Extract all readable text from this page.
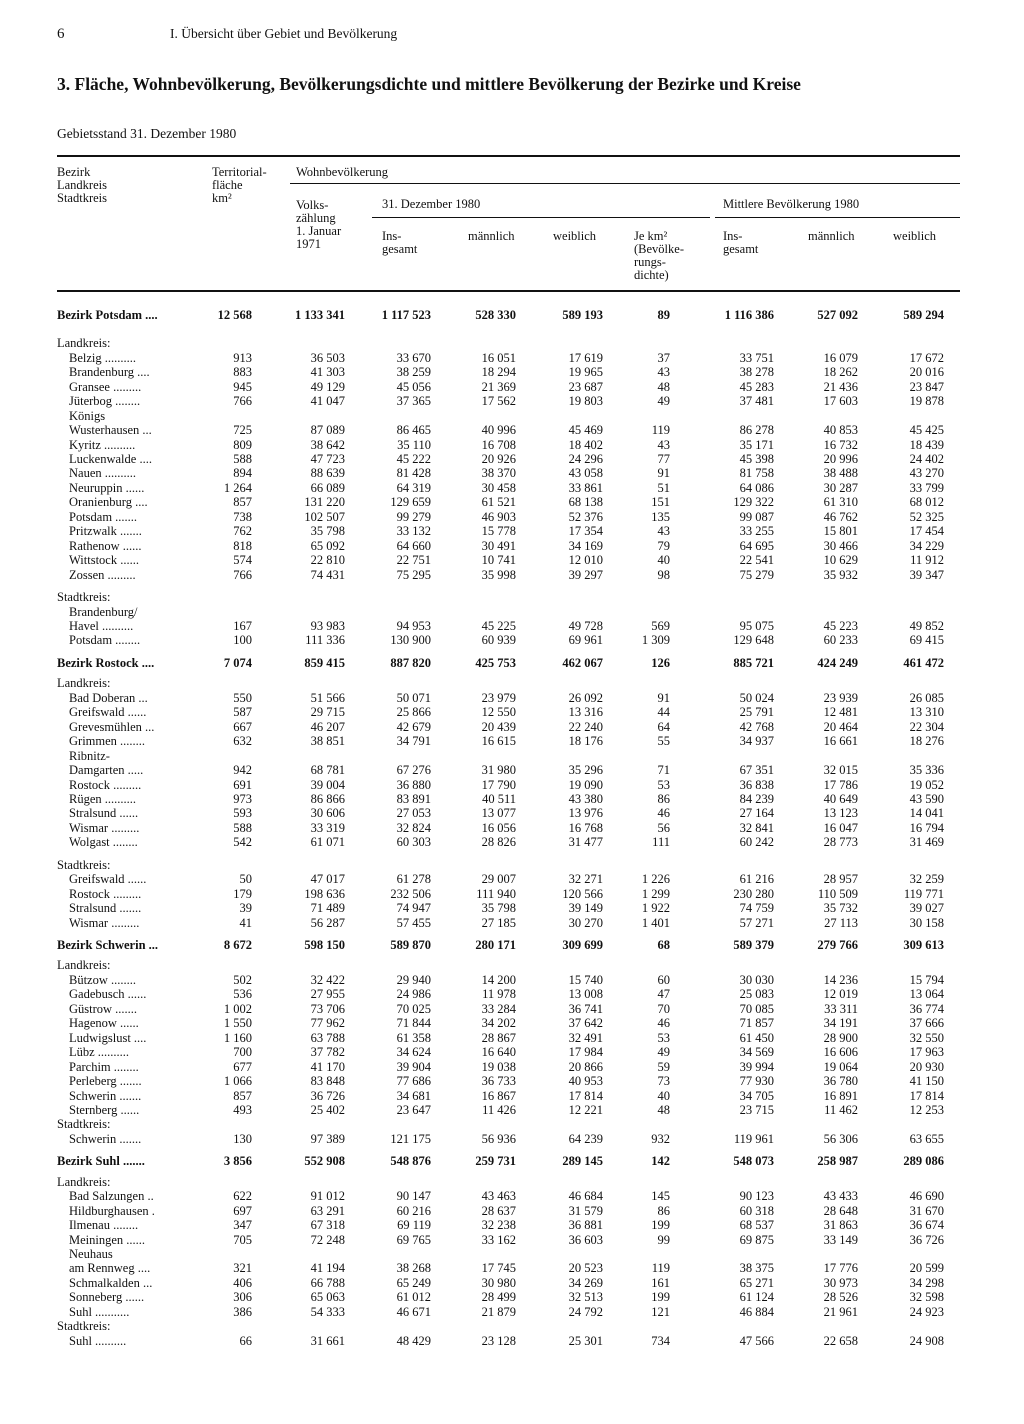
6	I. Übersicht über Gebiet und Bevölkerung
3. Fläche, Wohnbevölkerung, Bevölkerungsdichte und mittlere Bevölkerung der Bezirke und Kreise
Gebietsstand 31. Dezember 1980
Bezirk
Landkreis
Stadtkreis
Territorial-
fläche
km²
Wohnbevölkerung
Volks-
zählung
1. Januar
1971
31. Dezember 1980
Ins-
gesamt
männlich	weiblich	Je km²
(Bevölke-
rungs-
dichte)
Mittlere Bevölkerung 1980
Ins-
gesamt
männlich	weiblich
Bezirk Potsdam ....	12 568	1 133 341	1 117 523	528 330	589 193	89	1 116 386	527 092	589 294
Landkreis:
Belzig ..........	913	36 503	33 670	16 051	17 619	37	33 751	16 079	17 672
Brandenburg ....	883	41 303	38 259	18 294	19 965	43	38 278	18 262	20 016
Gransee .........	945	49 129	45 056	21 369	23 687	48	45 283	21 436	23 847
Jüterbog ........	766	41 047	37 365	17 562	19 803	49	37 481	17 603	19 878
Königs
Wusterhausen ...	725	87 089	86 465	40 996	45 469	119	86 278	40 853	45 425
Kyritz ..........	809	38 642	35 110	16 708	18 402	43	35 171	16 732	18 439
Luckenwalde ....	588	47 723	45 222	20 926	24 296	77	45 398	20 996	24 402
Nauen ..........	894	88 639	81 428	38 370	43 058	91	81 758	38 488	43 270
Neuruppin ......	1 264	66 089	64 319	30 458	33 861	51	64 086	30 287	33 799
Oranienburg ....	857	131 220	129 659	61 521	68 138	151	129 322	61 310	68 012
Potsdam .......	738	102 507	99 279	46 903	52 376	135	99 087	46 762	52 325
Pritzwalk .......	762	35 798	33 132	15 778	17 354	43	33 255	15 801	17 454
Rathenow ......	818	65 092	64 660	30 491	34 169	79	64 695	30 466	34 229
Wittstock ......	574	22 810	22 751	10 741	12 010	40	22 541	10 629	11 912
Zossen .........	766	74 431	75 295	35 998	39 297	98	75 279	35 932	39 347
Stadtkreis:
Brandenburg/
Havel ..........	167	93 983	94 953	45 225	49 728	569	95 075	45 223	49 852
Potsdam ........	100	111 336	130 900	60 939	69 961	1 309	129 648	60 233	69 415
Bezirk Rostock ....	7 074	859 415	887 820	425 753	462 067	126	885 721	424 249	461 472
Landkreis:
Bad Doberan ...	550	51 566	50 071	23 979	26 092	91	50 024	23 939	26 085
Greifswald ......	587	29 715	25 866	12 550	13 316	44	25 791	12 481	13 310
Grevesmühlen ...	667	46 207	42 679	20 439	22 240	64	42 768	20 464	22 304
Grimmen ........	632	38 851	34 791	16 615	18 176	55	34 937	16 661	18 276
Ribnitz-
Damgarten .....	942	68 781	67 276	31 980	35 296	71	67 351	32 015	35 336
Rostock .........	691	39 004	36 880	17 790	19 090	53	36 838	17 786	19 052
Rügen ..........	973	86 866	83 891	40 511	43 380	86	84 239	40 649	43 590
Stralsund ......	593	30 606	27 053	13 077	13 976	46	27 164	13 123	14 041
Wismar .........	588	33 319	32 824	16 056	16 768	56	32 841	16 047	16 794
Wolgast ........	542	61 071	60 303	28 826	31 477	111	60 242	28 773	31 469
Stadtkreis:
Greifswald ......	50	47 017	61 278	29 007	32 271	1 226	61 216	28 957	32 259
Rostock .........	179	198 636	232 506	111 940	120 566	1 299	230 280	110 509	119 771
Stralsund .......	39	71 489	74 947	35 798	39 149	1 922	74 759	35 732	39 027
Wismar .........	41	56 287	57 455	27 185	30 270	1 401	57 271	27 113	30 158
Bezirk Schwerin ...	8 672	598 150	589 870	280 171	309 699	68	589 379	279 766	309 613
Landkreis:
Bützow ........	502	32 422	29 940	14 200	15 740	60	30 030	14 236	15 794
Gadebusch ......	536	27 955	24 986	11 978	13 008	47	25 083	12 019	13 064
Güstrow .......	1 002	73 706	70 025	33 284	36 741	70	70 085	33 311	36 774
Hagenow ......	1 550	77 962	71 844	34 202	37 642	46	71 857	34 191	37 666
Ludwigslust ....	1 160	63 788	61 358	28 867	32 491	53	61 450	28 900	32 550
Lübz ..........	700	37 782	34 624	16 640	17 984	49	34 569	16 606	17 963
Parchim ........	677	41 170	39 904	19 038	20 866	59	39 994	19 064	20 930
Perleberg .......	1 066	83 848	77 686	36 733	40 953	73	77 930	36 780	41 150
Schwerin .......	857	36 726	34 681	16 867	17 814	40	34 705	16 891	17 814
Sternberg ......	493	25 402	23 647	11 426	12 221	48	23 715	11 462	12 253
Stadtkreis:
Schwerin .......	130	97 389	121 175	56 936	64 239	932	119 961	56 306	63 655
Bezirk Suhl .......	3 856	552 908	548 876	259 731	289 145	142	548 073	258 987	289 086
Landkreis:
Bad Salzungen ..	622	91 012	90 147	43 463	46 684	145	90 123	43 433	46 690
Hildburghausen .	697	63 291	60 216	28 637	31 579	86	60 318	28 648	31 670
Ilmenau ........	347	67 318	69 119	32 238	36 881	199	68 537	31 863	36 674
Meiningen ......	705	72 248	69 765	33 162	36 603	99	69 875	33 149	36 726
Neuhaus
am Rennweg ....	321	41 194	38 268	17 745	20 523	119	38 375	17 776	20 599
Schmalkalden ...	406	66 788	65 249	30 980	34 269	161	65 271	30 973	34 298
Sonneberg ......	306	65 063	61 012	28 499	32 513	199	61 124	28 526	32 598
Suhl ...........	386	54 333	46 671	21 879	24 792	121	46 884	21 961	24 923
Stadtkreis:
Suhl ..........	66	31 661	48 429	23 128	25 301	734	47 566	22 658	24 908
